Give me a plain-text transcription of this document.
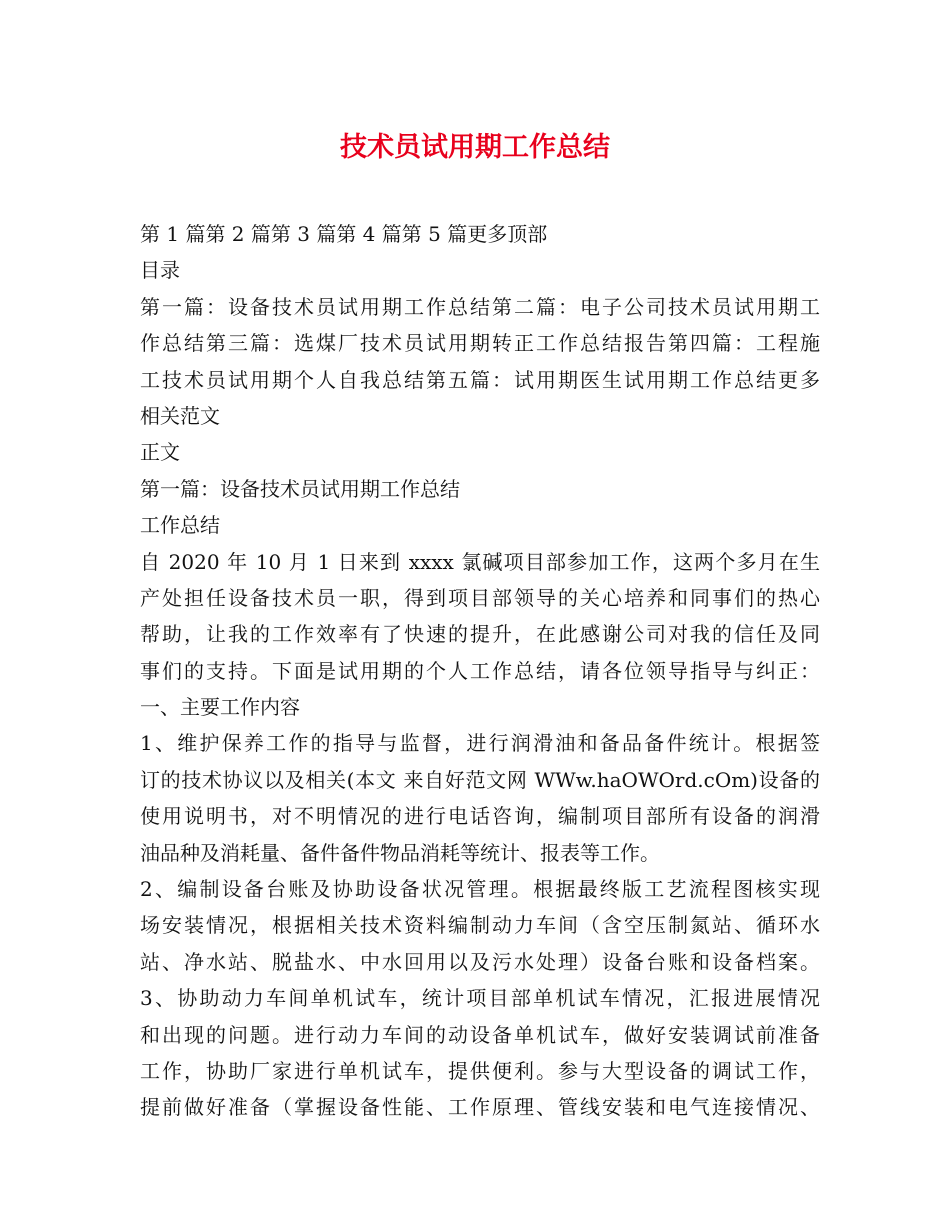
技术员试用期工作总结
第 1 篇第 2 篇第 3 篇第 4 篇第 5 篇更多顶部
目录
第一篇：设备技术员试用期工作总结第二篇：电子公司技术员试用期工
作总结第三篇：选煤厂技术员试用期转正工作总结报告第四篇：工程施
工技术员试用期个人自我总结第五篇：试用期医生试用期工作总结更多
相关范文
正文
第一篇：设备技术员试用期工作总结
工作总结
自 2020 年 10 月 1 日来到 xxxx 氯碱项目部参加工作，这两个多月在生
产处担任设备技术员一职，得到项目部领导的关心培养和同事们的热心
帮助，让我的工作效率有了快速的提升，在此感谢公司对我的信任及同
事们的支持。下面是试用期的个人工作总结，请各位领导指导与纠正：
一、主要工作内容
1、维护保养工作的指导与监督，进行润滑油和备品备件统计。根据签
订的技术协议以及相关(本文 来自好范文网 WWw.haOWOrd.cOm)设备的
使用说明书，对不明情况的进行电话咨询，编制项目部所有设备的润滑
油品种及消耗量、备件备件物品消耗等统计、报表等工作。
2、编制设备台账及协助设备状况管理。根据最终版工艺流程图核实现
场安装情况，根据相关技术资料编制动力车间（含空压制氮站、循环水
站、净水站、脱盐水、中水回用以及污水处理）设备台账和设备档案。
3、协助动力车间单机试车，统计项目部单机试车情况，汇报进展情况
和出现的问题。进行动力车间的动设备单机试车，做好安装调试前准备
工作，协助厂家进行单机试车，提供便利。参与大型设备的调试工作，
提前做好准备（掌握设备性能、工作原理、管线安装和电气连接情况、
